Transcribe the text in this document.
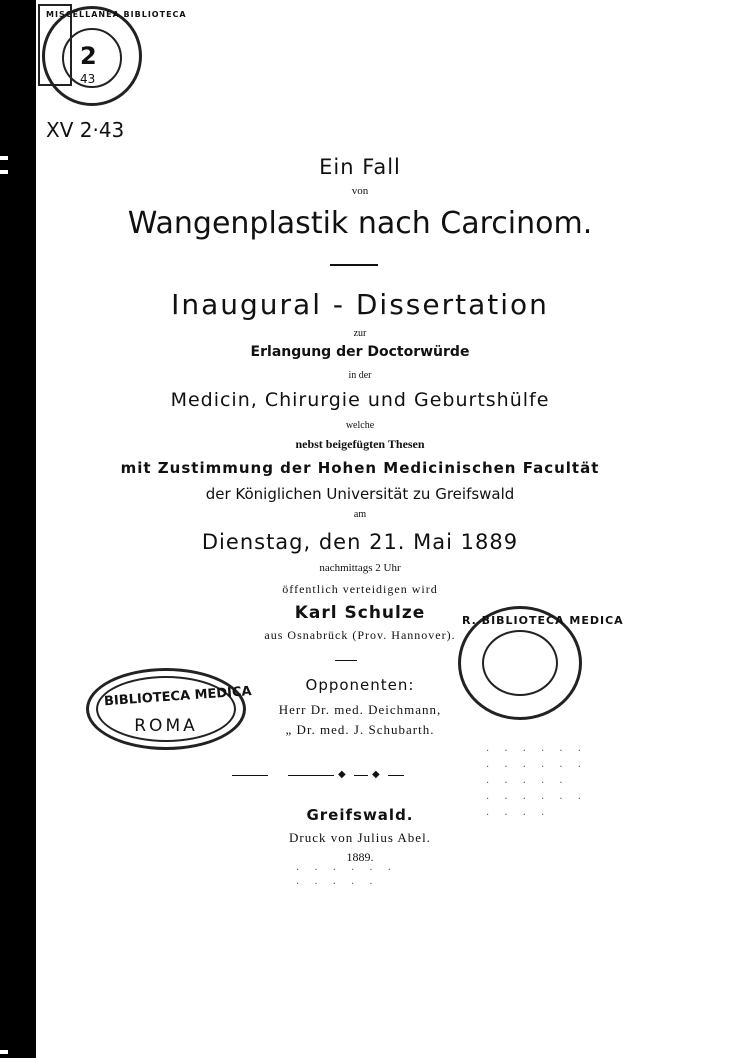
MISCELLANEA BIBLIOTECA
2
43
XV 2·43
Ein Fall
von
Wangenplastik nach Carcinom.
Inaugural - Dissertation
zur
Erlangung der Doctorwürde
in der
Medicin, Chirurgie und Geburtshülfe
welche
nebst beigefügten Thesen
mit Zustimmung der Hohen Medicinischen Facultät
der Königlichen Universität zu Greifswald
am
Dienstag, den 21. Mai 1889
nachmittags 2 Uhr
öffentlich verteidigen wird
Karl Schulze
aus Osnabrück (Prov. Hannover).
Opponenten:
Herr Dr. med. Deichmann,
„ Dr. med. J. Schubarth.
◆	◆
Greifswald.
Druck von Julius Abel.
1889.
BIBLIOTECA MEDICA
ROMA
R. BIBLIOTECA MEDICA
· · · · · ·
· · · · · ·
· · · · ·
· · · · · ·
· · · ·
· · · · · ·
· · · · ·
